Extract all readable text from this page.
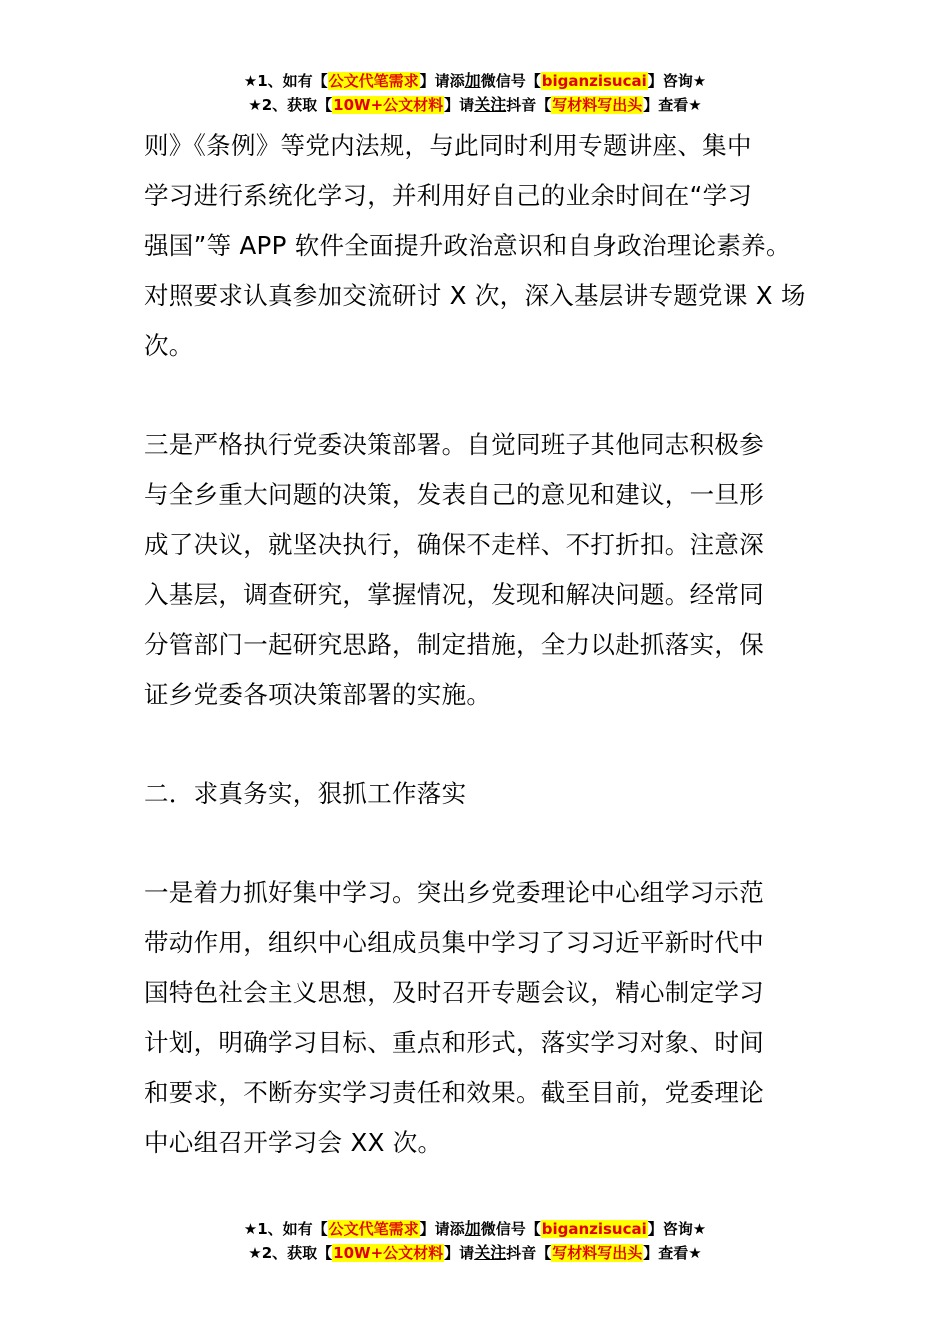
★1、如有【公文代笔需求】请添加微信号【biganzisucai】咨询★
★2、获取【10W+公文材料】请关注抖音【写材料写出头】查看★

则》《条例》等党内法规，与此同时利用专题讲座、集中
学习进行系统化学习，并利用好自己的业余时间在“学习
强国”等 APP 软件全面提升政治意识和自身政治理论素养。
对照要求认真参加交流研讨 X 次，深入基层讲专题党课 X 场
次。

三是严格执行党委决策部署。自觉同班子其他同志积极参
与全乡重大问题的决策，发表自己的意见和建议，一旦形
成了决议，就坚决执行，确保不走样、不打折扣。注意深
入基层，调查研究，掌握情况，发现和解决问题。经常同
分管部门一起研究思路，制定措施，全力以赴抓落实，保
证乡党委各项决策部署的实施。

二．求真务实，狠抓工作落实

一是着力抓好集中学习。突出乡党委理论中心组学习示范
带动作用，组织中心组成员集中学习了习习近平新时代中
国特色社会主义思想，及时召开专题会议，精心制定学习
计划，明确学习目标、重点和形式，落实学习对象、时间
和要求，不断夯实学习责任和效果。截至目前，党委理论
中心组召开学习会 XX 次。

★1、如有【公文代笔需求】请添加微信号【biganzisucai】咨询★
★2、获取【10W+公文材料】请关注抖音【写材料写出头】查看★
